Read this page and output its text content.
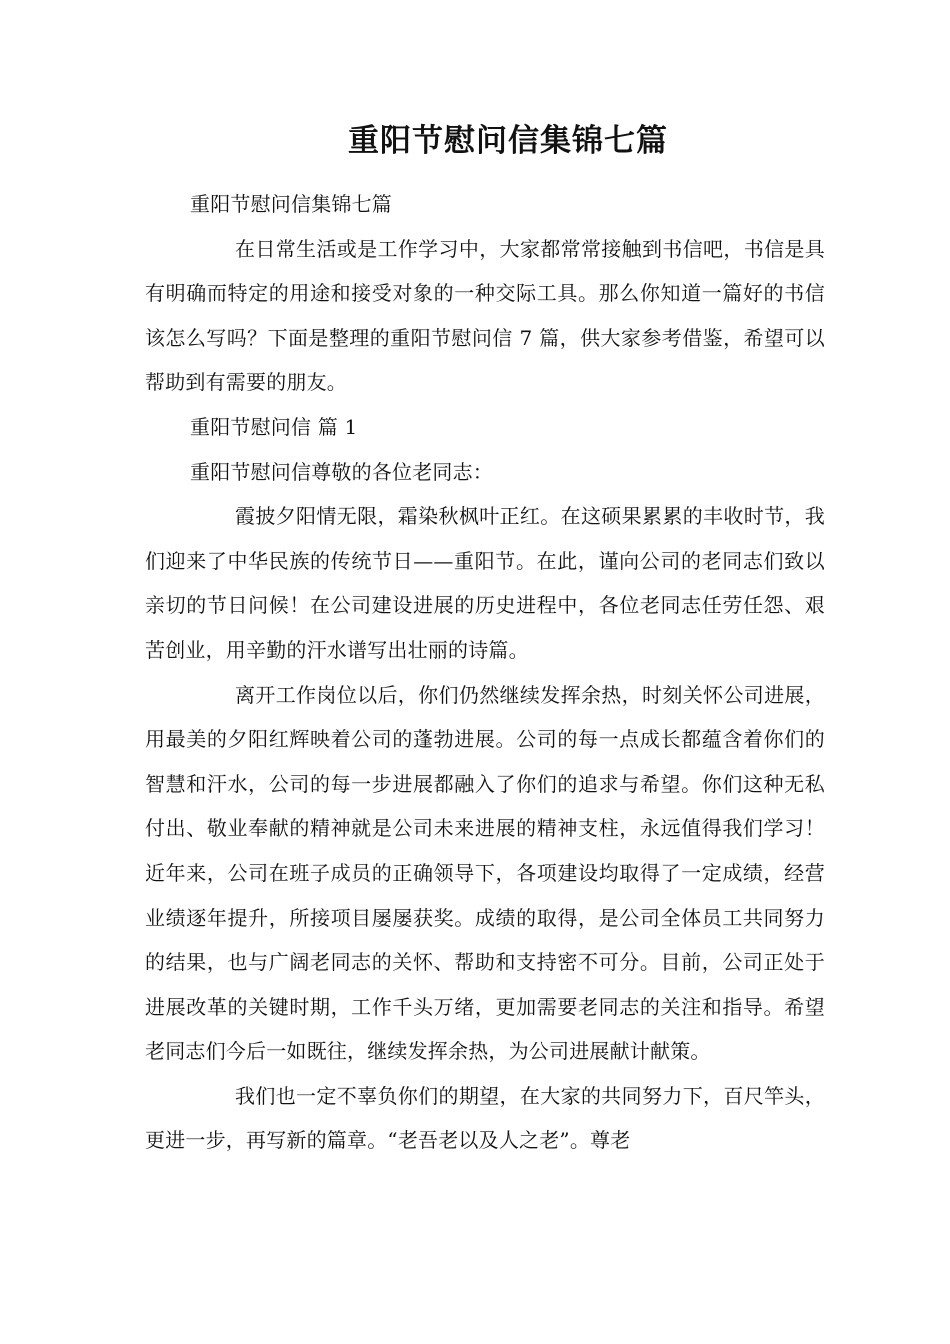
重阳节慰问信集锦七篇

重阳节慰问信集锦七篇

在日常生活或是工作学习中，大家都常常接触到书信吧，书信是具有明确而特定的用途和接受对象的一种交际工具。那么你知道一篇好的书信该怎么写吗？下面是整理的重阳节慰问信 7 篇，供大家参考借鉴，希望可以帮助到有需要的朋友。

重阳节慰问信 篇 1

重阳节慰问信尊敬的各位老同志：

霞披夕阳情无限，霜染秋枫叶正红。在这硕果累累的丰收时节，我们迎来了中华民族的传统节日——重阳节。在此，谨向公司的老同志们致以亲切的节日问候！在公司建设进展的历史进程中，各位老同志任劳任怨、艰苦创业，用辛勤的汗水谱写出壮丽的诗篇。

离开工作岗位以后，你们仍然继续发挥余热，时刻关怀公司进展，用最美的夕阳红辉映着公司的蓬勃进展。公司的每一点成长都蕴含着你们的智慧和汗水，公司的每一步进展都融入了你们的追求与希望。你们这种无私付出、敬业奉献的精神就是公司未来进展的精神支柱，永远值得我们学习！近年来，公司在班子成员的正确领导下，各项建设均取得了一定成绩，经营业绩逐年提升，所接项目屡屡获奖。成绩的取得，是公司全体员工共同努力的结果，也与广阔老同志的关怀、帮助和支持密不可分。目前，公司正处于进展改革的关键时期，工作千头万绪，更加需要老同志的关注和指导。希望老同志们今后一如既往，继续发挥余热，为公司进展献计献策。

我们也一定不辜负你们的期望，在大家的共同努力下，百尺竿头，更进一步，再写新的篇章。“老吾老以及人之老”。尊老
